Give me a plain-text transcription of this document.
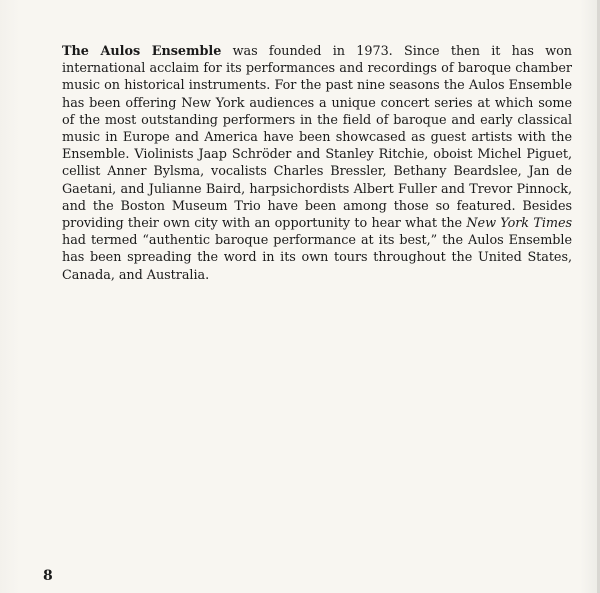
The Aulos Ensemble was founded in 1973. Since then it has won international acclaim for its performances and recordings of baroque chamber music on historical instruments. For the past nine seasons the Aulos Ensemble has been offering New York audiences a unique concert series at which some of the most outstanding performers in the field of baroque and early classical music in Europe and America have been showcased as guest artists with the Ensemble. Violinists Jaap Schröder and Stanley Ritchie, oboist Michel Piguet, cellist Anner Bylsma, vocalists Charles Bressler, Bethany Beardslee, Jan de Gaetani, and Julianne Baird, harpsichordists Albert Fuller and Trevor Pinnock, and the Boston Museum Trio have been among those so featured. Besides providing their own city with an opportunity to hear what the New York Times had termed “authentic baroque performance at its best,” the Aulos Ensemble has been spreading the word in its own tours throughout the United States, Canada, and Australia.

8
